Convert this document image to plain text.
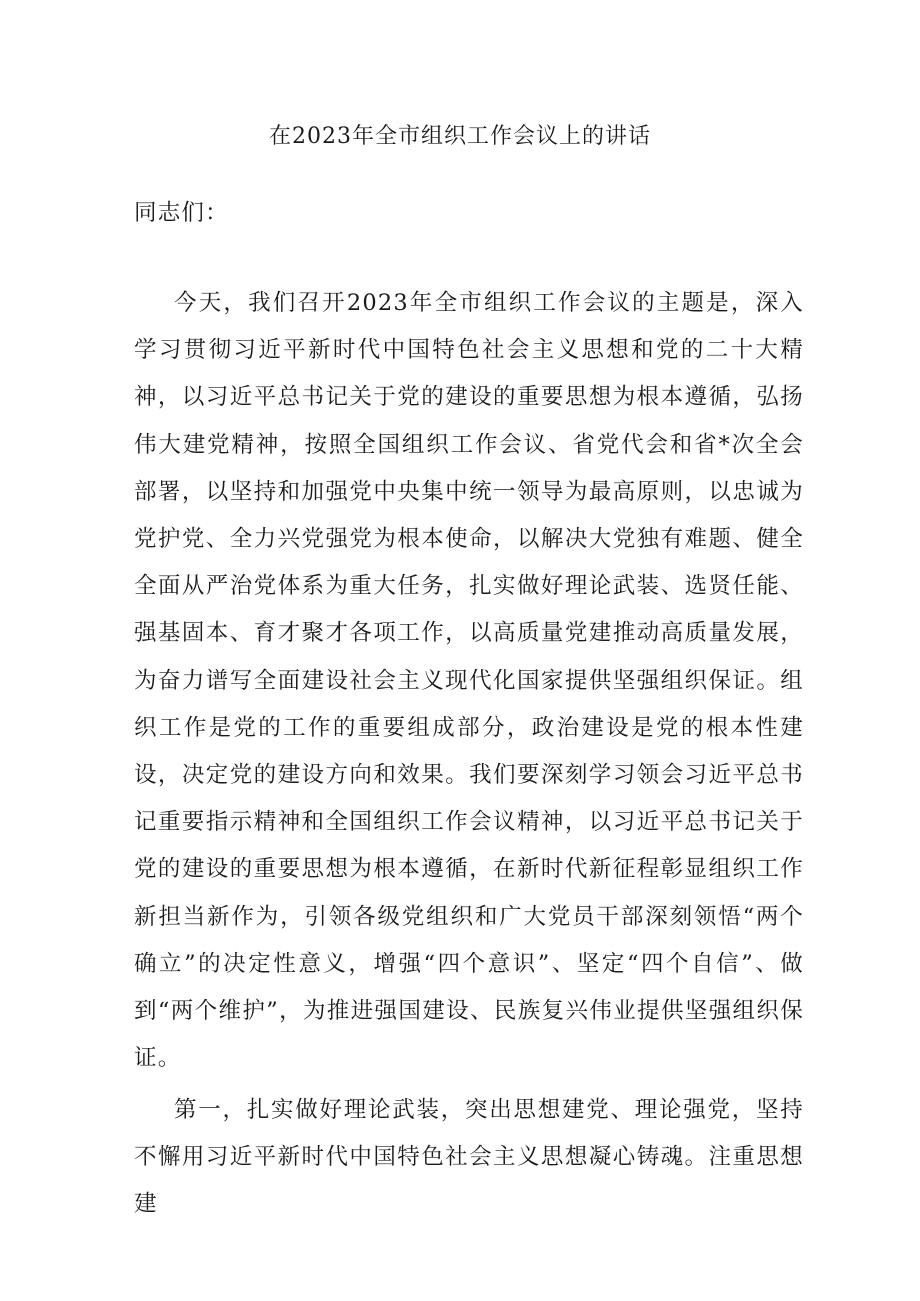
在2023年全市组织工作会议上的讲话
同志们：
今天，我们召开2023年全市组织工作会议的主题是，深入学习贯彻习近平新时代中国特色社会主义思想和党的二十大精神，以习近平总书记关于党的建设的重要思想为根本遵循，弘扬伟大建党精神，按照全国组织工作会议、省党代会和省*次全会部署，以坚持和加强党中央集中统一领导为最高原则，以忠诚为党护党、全力兴党强党为根本使命，以解决大党独有难题、健全全面从严治党体系为重大任务，扎实做好理论武装、选贤任能、强基固本、育才聚才各项工作，以高质量党建推动高质量发展，为奋力谱写全面建设社会主义现代化国家提供坚强组织保证。组织工作是党的工作的重要组成部分，政治建设是党的根本性建设，决定党的建设方向和效果。我们要深刻学习领会习近平总书记重要指示精神和全国组织工作会议精神，以习近平总书记关于党的建设的重要思想为根本遵循，在新时代新征程彰显组织工作新担当新作为，引领各级党组织和广大党员干部深刻领悟“两个确立”的决定性意义，增强“四个意识”、坚定“四个自信”、做到“两个维护”，为推进强国建设、民族复兴伟业提供坚强组织保证。
第一，扎实做好理论武装，突出思想建党、理论强党，坚持不懈用习近平新时代中国特色社会主义思想凝心铸魂。注重思想建
